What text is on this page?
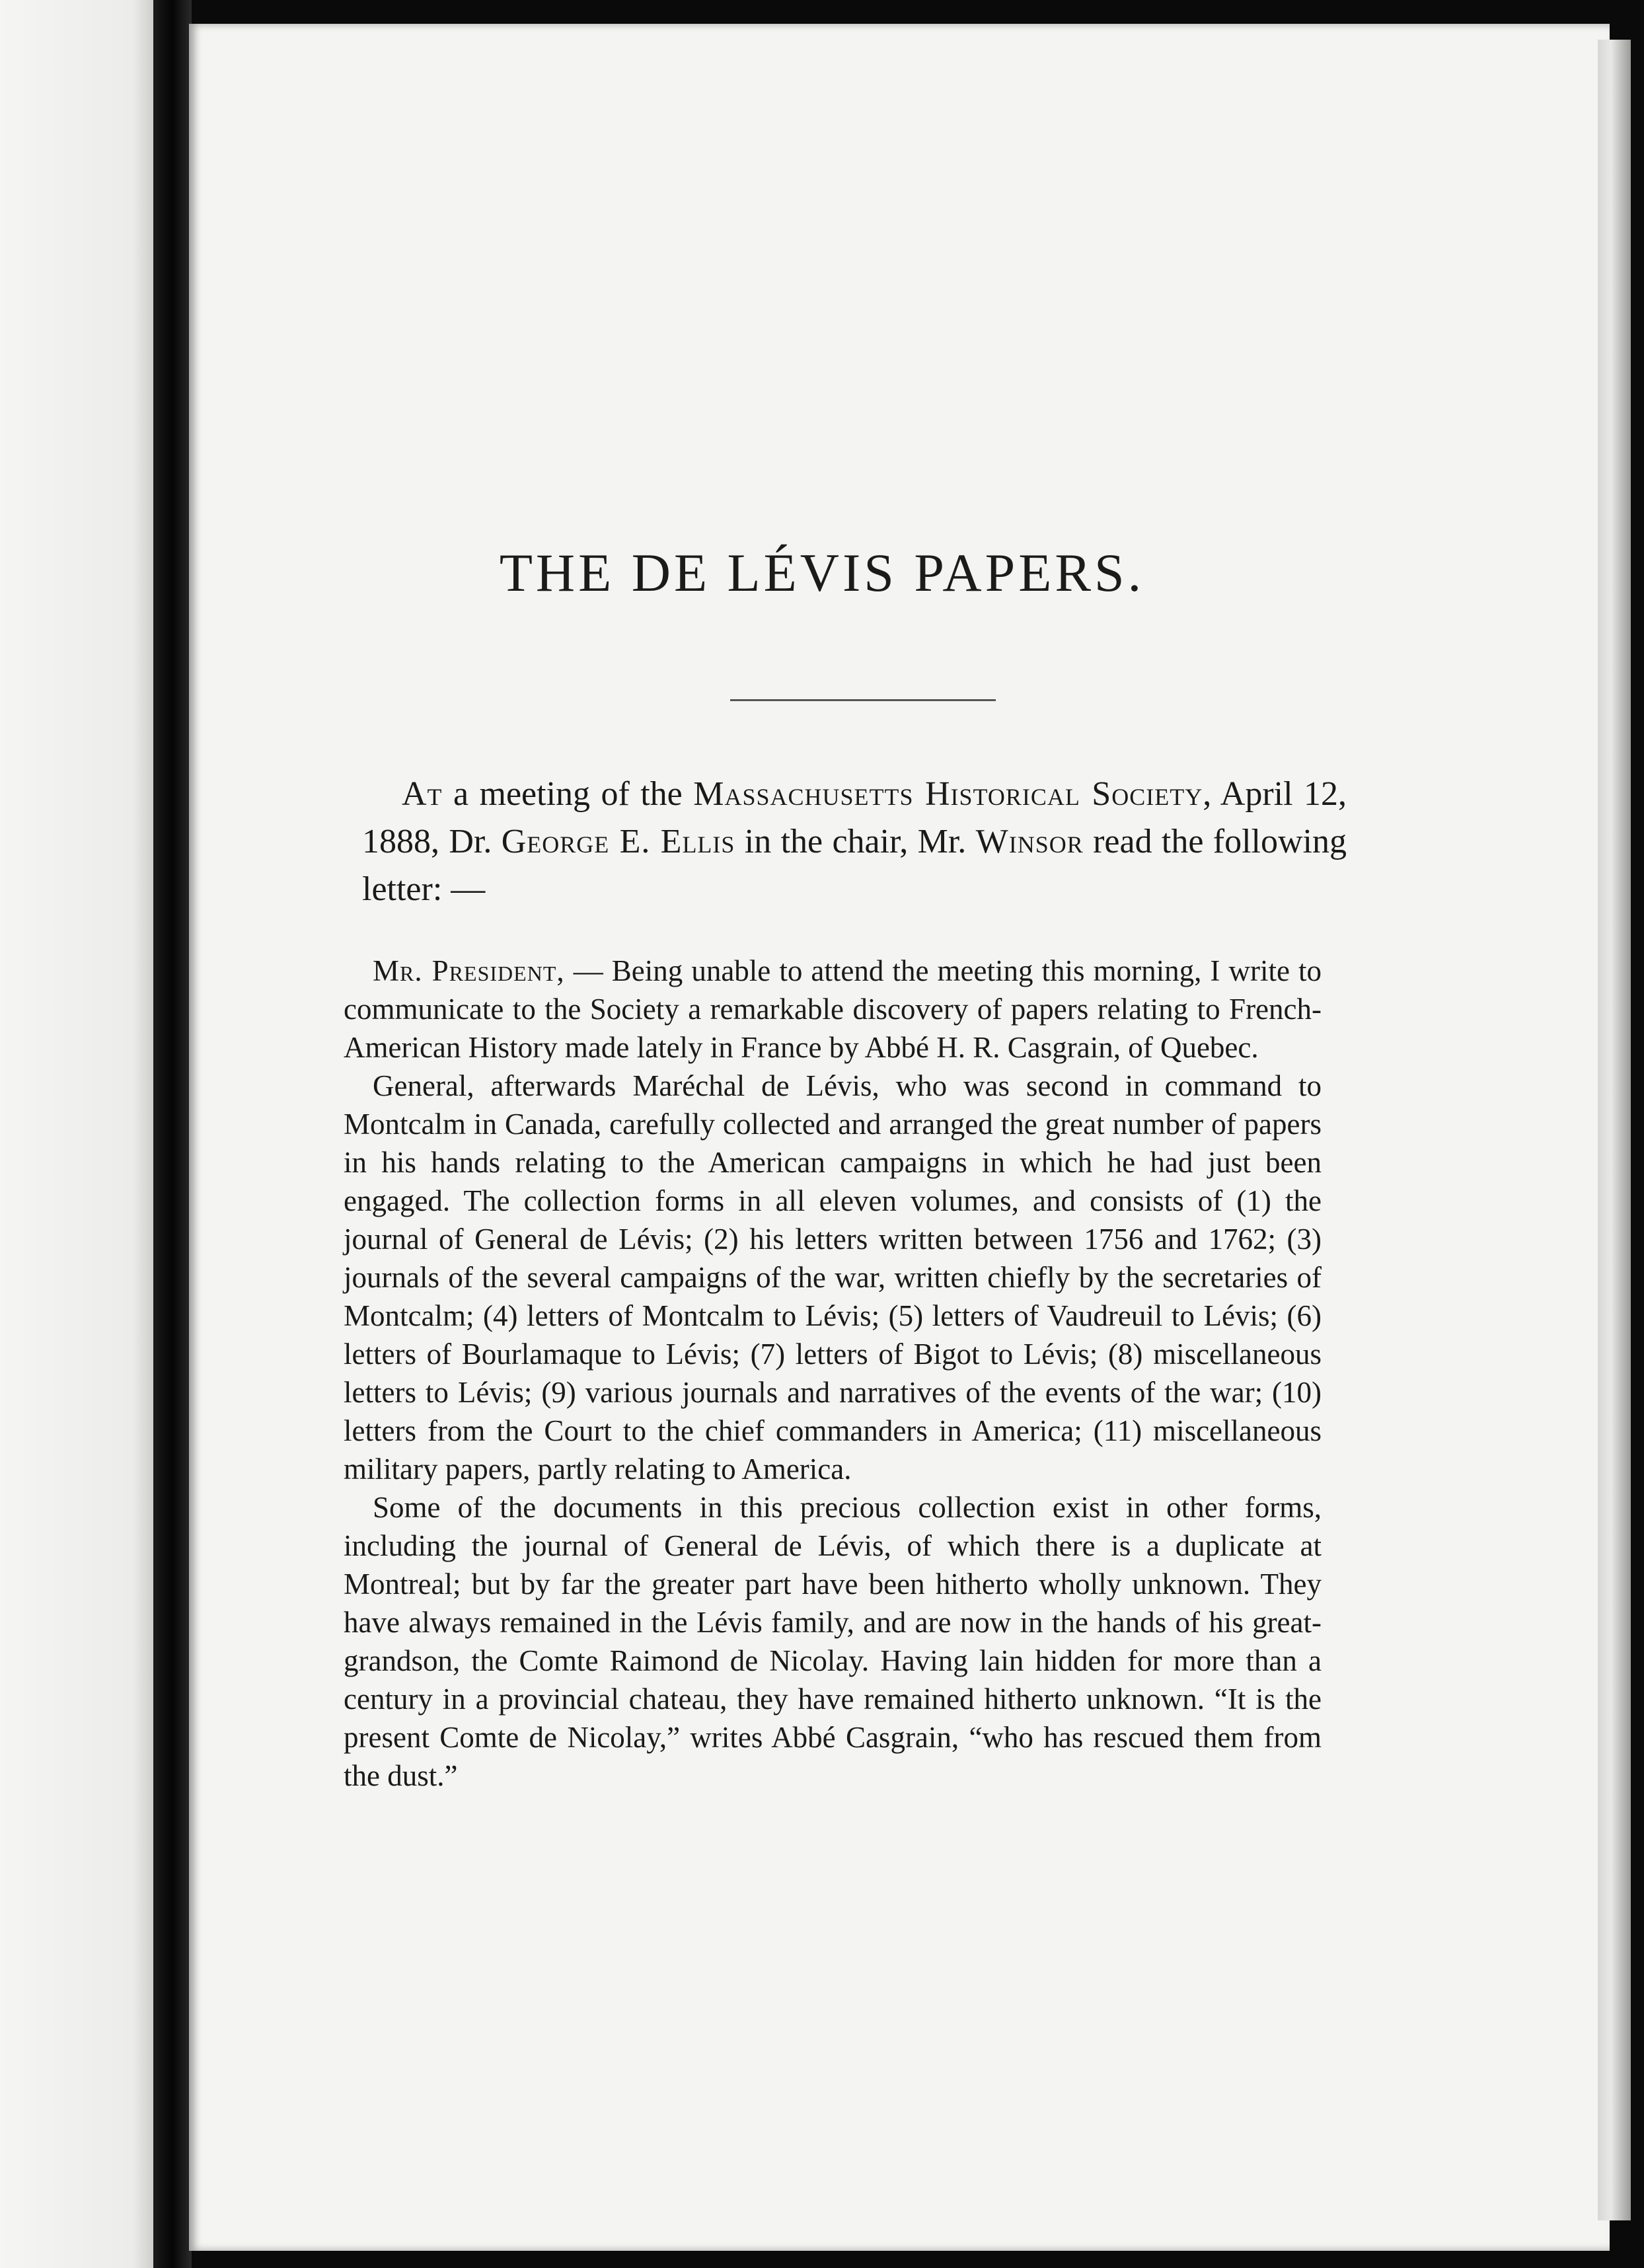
THE DE LÉVIS PAPERS.

At a meeting of the Massachusetts Historical Society, April 12, 1888, Dr. George E. Ellis in the chair, Mr. Winsor read the following letter: —

Mr. President, — Being unable to attend the meeting this morning, I write to communicate to the Society a remarkable discovery of papers relating to French-American History made lately in France by Abbé H. R. Casgrain, of Quebec.

General, afterwards Maréchal de Lévis, who was second in command to Montcalm in Canada, carefully collected and arranged the great number of papers in his hands relating to the American campaigns in which he had just been engaged. The collection forms in all eleven volumes, and consists of (1) the journal of General de Lévis; (2) his letters written between 1756 and 1762; (3) journals of the several campaigns of the war, written chiefly by the secretaries of Montcalm; (4) letters of Montcalm to Lévis; (5) letters of Vaudreuil to Lévis; (6) letters of Bourlamaque to Lévis; (7) letters of Bigot to Lévis; (8) miscellaneous letters to Lévis; (9) various journals and narratives of the events of the war; (10) letters from the Court to the chief commanders in America; (11) miscellaneous military papers, partly relating to America.

Some of the documents in this precious collection exist in other forms, including the journal of General de Lévis, of which there is a duplicate at Montreal; but by far the greater part have been hitherto wholly unknown. They have always remained in the Lévis family, and are now in the hands of his great-grandson, the Comte Raimond de Nicolay. Having lain hidden for more than a century in a provincial chateau, they have remained hitherto unknown. “It is the present Comte de Nicolay,” writes Abbé Casgrain, “who has rescued them from the dust.”
